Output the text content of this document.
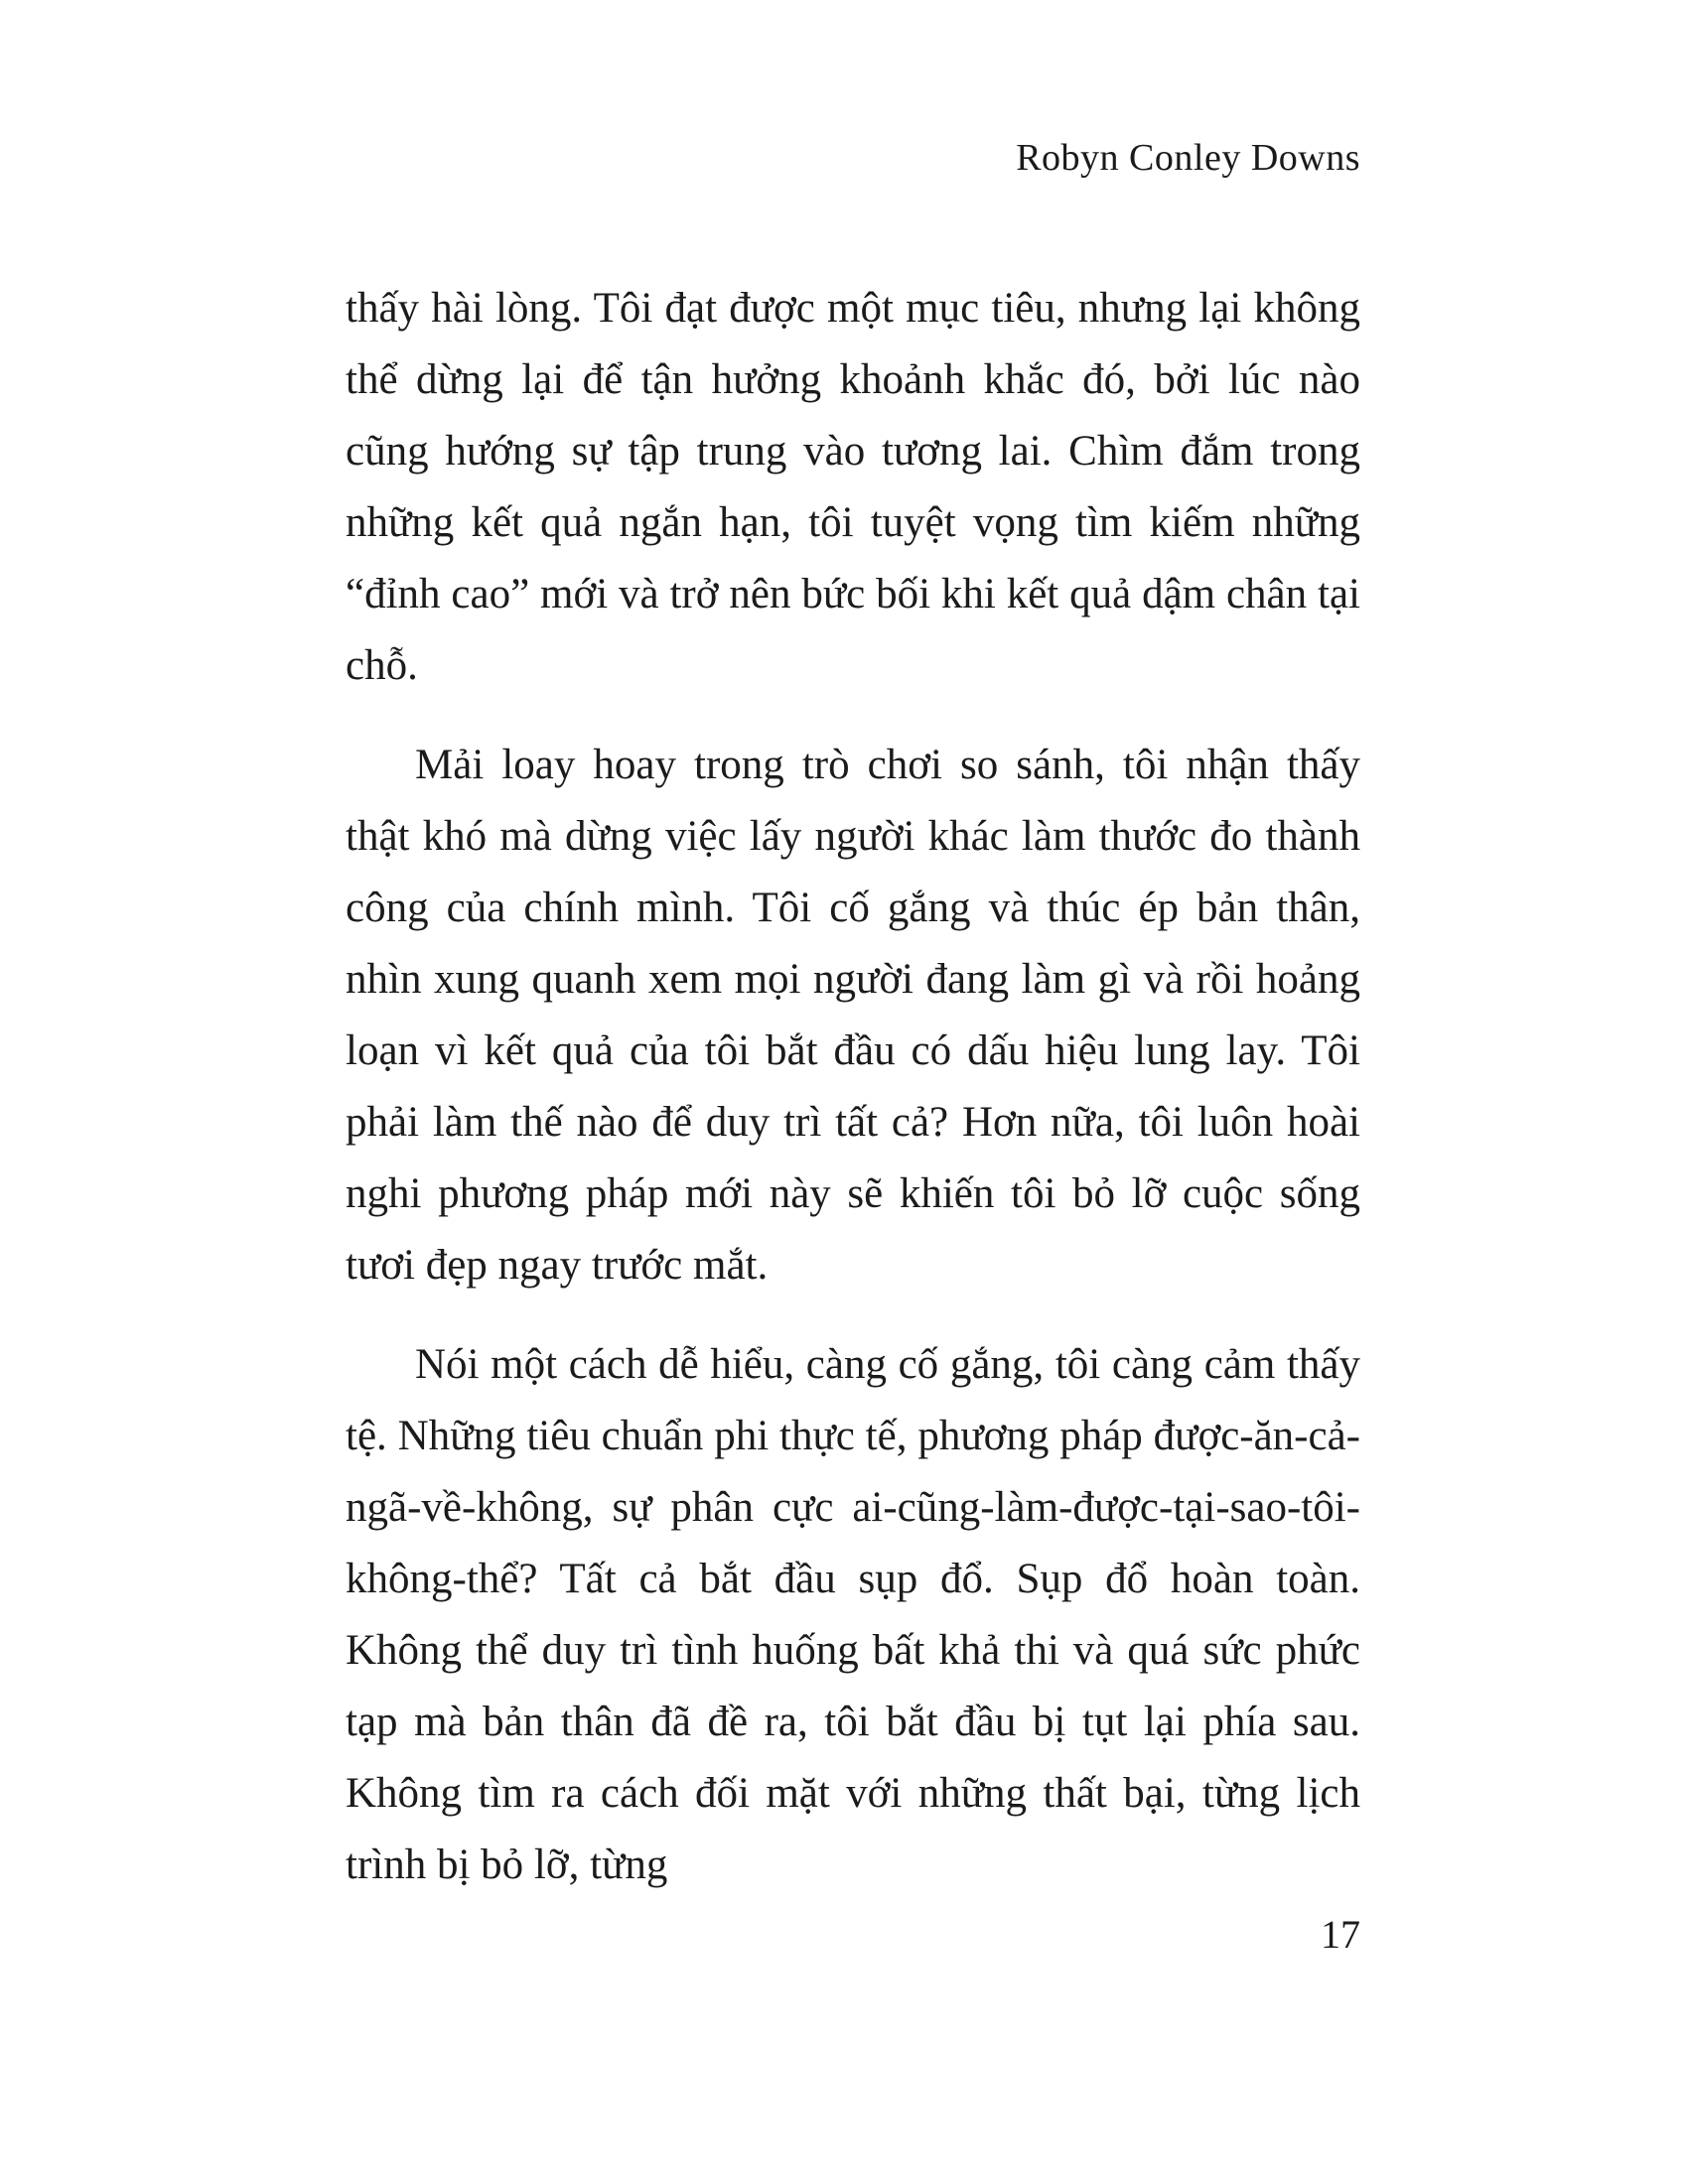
Robyn Conley Downs

thấy hài lòng. Tôi đạt được một mục tiêu, nhưng lại không thể dừng lại để tận hưởng khoảnh khắc đó, bởi lúc nào cũng hướng sự tập trung vào tương lai. Chìm đắm trong những kết quả ngắn hạn, tôi tuyệt vọng tìm kiếm những “đỉnh cao” mới và trở nên bức bối khi kết quả dậm chân tại chỗ.

Mải loay hoay trong trò chơi so sánh, tôi nhận thấy thật khó mà dừng việc lấy người khác làm thước đo thành công của chính mình. Tôi cố gắng và thúc ép bản thân, nhìn xung quanh xem mọi người đang làm gì và rồi hoảng loạn vì kết quả của tôi bắt đầu có dấu hiệu lung lay. Tôi phải làm thế nào để duy trì tất cả? Hơn nữa, tôi luôn hoài nghi phương pháp mới này sẽ khiến tôi bỏ lỡ cuộc sống tươi đẹp ngay trước mắt.

Nói một cách dễ hiểu, càng cố gắng, tôi càng cảm thấy tệ. Những tiêu chuẩn phi thực tế, phương pháp được-ăn-cả-ngã-về-không, sự phân cực ai-cũng-làm-được-tại-sao-tôi-không-thể? Tất cả bắt đầu sụp đổ. Sụp đổ hoàn toàn. Không thể duy trì tình huống bất khả thi và quá sức phức tạp mà bản thân đã đề ra, tôi bắt đầu bị tụt lại phía sau. Không tìm ra cách đối mặt với những thất bại, từng lịch trình bị bỏ lỡ, từng

17
